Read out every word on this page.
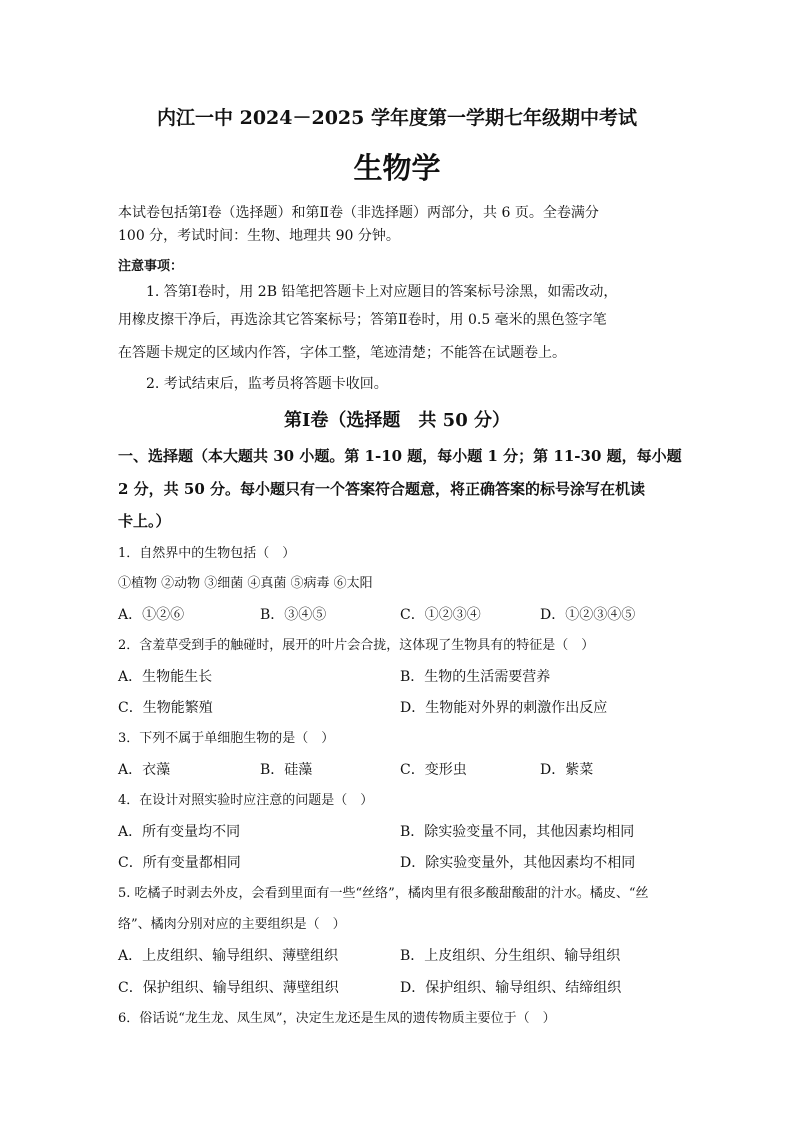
内江一中 2024－2025 学年度第一学期七年级期中考试
生物学
本试卷包括第Ⅰ卷（选择题）和第Ⅱ卷（非选择题）两部分，共 6 页。全卷满分
100 分，考试时间：生物、地理共 90 分钟。
注意事项：
1. 答第Ⅰ卷时，用 2B 铅笔把答题卡上对应题目的答案标号涂黑，如需改动，
用橡皮擦干净后，再选涂其它答案标号；答第Ⅱ卷时，用 0.5 毫米的黑色签字笔
在答题卡规定的区域内作答，字体工整，笔迹清楚；不能答在试题卷上。
2. 考试结束后，监考员将答题卡收回。
第Ⅰ卷（选择题　共 50 分）
一、选择题（本大题共 30 小题。第 1-10 题，每小题 1 分；第 11-30 题，每小题
2 分，共 50 分。每小题只有一个答案符合题意，将正确答案的标号涂写在机读
卡上。）
1．自然界中的生物包括（　）
①植物 ②动物 ③细菌 ④真菌 ⑤病毒 ⑥太阳
A．①②⑥	B．③④⑤	C．①②③④	D．①②③④⑤
2．含羞草受到手的触碰时，展开的叶片会合拢，这体现了生物具有的特征是（　）
A．生物能生长	B．生物的生活需要营养
C．生物能繁殖	D．生物能对外界的刺激作出反应
3．下列不属于单细胞生物的是（　）
A．衣藻	B．硅藻	C．变形虫	D．紫菜
4．在设计对照实验时应注意的问题是（　）
A．所有变量均不同	B．除实验变量不同，其他因素均相同
C．所有变量都相同	D．除实验变量外，其他因素均不相同
5. 吃橘子时剥去外皮，会看到里面有一些“丝络”，橘肉里有很多酸甜酸甜的汁水。橘皮、“丝
络”、橘肉分别对应的主要组织是（　）
A．上皮组织、输导组织、薄壁组织	B．上皮组织、分生组织、输导组织
C．保护组织、输导组织、薄壁组织	D．保护组织、输导组织、结缔组织
6．俗话说“龙生龙、凤生凤”，决定生龙还是生凤的遗传物质主要位于（　）
